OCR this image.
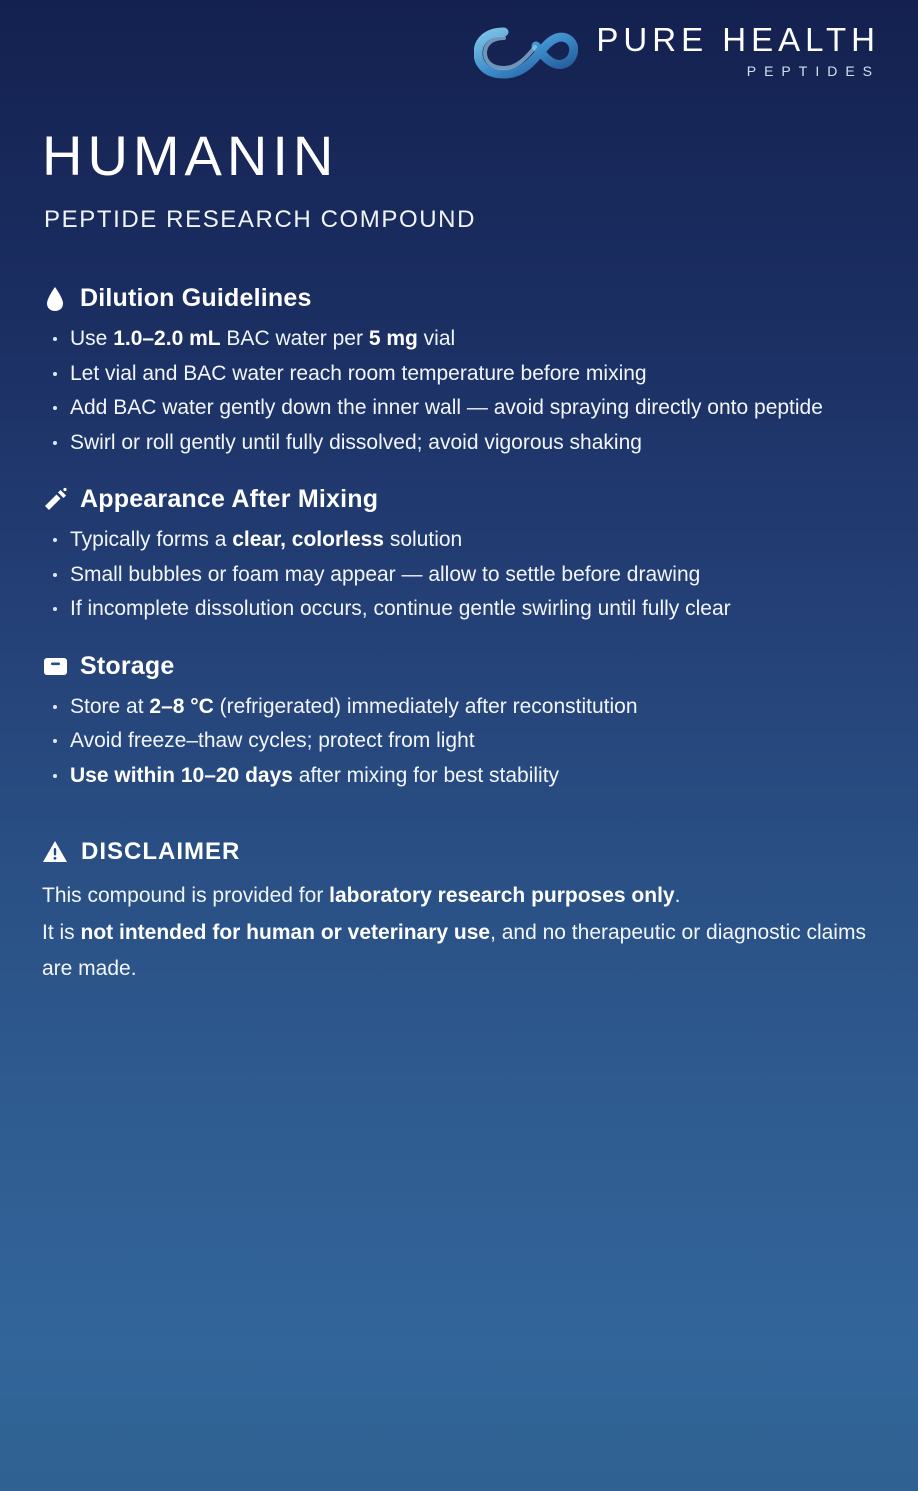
PURE HEALTH
PEPTIDES
HUMANIN
PEPTIDE RESEARCH COMPOUND
Dilution Guidelines
Use 1.0–2.0 mL BAC water per 5 mg vial
Let vial and BAC water reach room temperature before mixing
Add BAC water gently down the inner wall — avoid spraying directly onto peptide
Swirl or roll gently until fully dissolved; avoid vigorous shaking
Appearance After Mixing
Typically forms a clear, colorless solution
Small bubbles or foam may appear — allow to settle before drawing
If incomplete dissolution occurs, continue gentle swirling until fully clear
Storage
Store at 2–8 °C (refrigerated) immediately after reconstitution
Avoid freeze–thaw cycles; protect from light
Use within 10–20 days after mixing for best stability
DISCLAIMER

This compound is provided for laboratory research purposes only.

It is not intended for human or veterinary use, and no therapeutic or diagnostic claims are made.
